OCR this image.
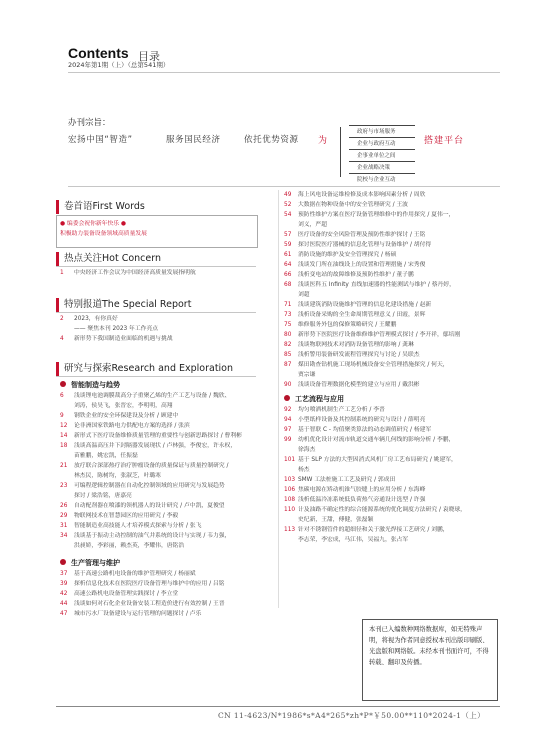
Contents 目录
2024年第1期（上）（总第541期）
办刊宗旨：
宏扬中国“智造”	服务国民经济	依托优势资源 为
政府与市场服务
企业与政府互动
企事业单位之间
企业战略决策
院校与企业互动
搭建平台
卷首语First Words
● 编委会祝你新年快乐 ●
积极助力装备设备领域高质量发展
热点关注Hot Concern
1 中央经济工作会议为中国经济高质量发展指明航
特别报道The Special Report
2 2023，有你真好
—— 聚焦本刊 2023 年工作亮点
4 新形势下我国制造业面临的机遇与挑战
研究与探索Research and Exploration
智能制造与趋势
6 浅谈锂电池调膜裁高分子重聚乙烯的生产工艺与设备 / 魏欣、
刘涛，侯昊飞，张晋宏，李明明，高翔
9 钢铁企业的安全环保建设及分析 / 顾建中
12 论非洲国家铁路电力供配电方案的选择 / 张滨
14 新形式下医疗设备维修质量管理的重要性与创新思路探讨 / 曹利彬
18 浅谈高温高压井下封隔器发展现状 / 卢林强，李俊宏，许永权，
苗雅鹏，姚宏凯，任振磊
21 放疗联合深部热疗治疗肿瘤设备的质量保证与质量控制研究 /
林杰民，陈树均，张淑芝，叶璐寒
23 可编程逻辑控制器在自动化控制领域的应用研究与发展趋势
探讨 / 梁浩铭，唐嘉亮
26 自动配剂器在喷漆的领机器人的设计研究 / 卢中凯，夏俊望
29 物联网技术在智慧园区的应用研究 / 李毅
31 智能制造业高技能人才培养模式探索与分析 / 张飞
34 浅谈基于振动主动控制的油气井系统的设计与实现 / 韦力强，
洪昶娇，李彩丽，赖杰英，李耀伟，唐铭浩
生产管理与维护
37 基于高速公路机电设备的维护管理研究 / 杨丽斌
39 探析信息化技术在医院医疗设备管理与维护中的应用 / 吕铭
42 高速公路机电设备管理实践探讨 / 李立堂
44 浅谈如何对石化企业设备安装工程造价进行有效控制 / 王晋
47 城市污水厂设备建设与运行管理的问题探讨 / 卢乐
49 海上风电设备运维检修及成本影响因素分析 / 周欣
52 大数据在物种设备中的安全管理研究 / 王波
54 预防性维护方案在医疗设备管理维修中的作用探究 / 夏伟一，
刘义，严超
57 医疗设备的安全风险管理及预防性维护探讨 / 王铭
59 探讨医院医疗器械的信息化管理与设备维护 / 胡付得
61 消防设施的维护及安全管理探究 / 杨硕
64 浅谈发门所在油线设上的设置和管理措施 / 宋秀俊
66 浅析变电站的故障维修及预防性维护 / 董子鹏
68 浅谈医科五 Infinity 直线加速器的性能测试与维护 / 蔡丹婷，
刘超
71 浅谈建筑消防设施维护管理的信息化建设措施 / 赵新
73 浅析设备采购的全生命周期管理意义 / 田霞，景辉
75 维修服务外包的保修策略研究 / 王耀鹏
80 新形势下医院医疗设备维修维护管理模式探讨 / 李开祥，鄢培刚
82 浅谈物联网技术对消防设备管理的影响 / 龚琳
85 浅析警用装备研发流程管理探究与讨论 / 吴联杰
87 煤田勘查钻机施工现场机械设备安全管理措施探究 / 何天，
贾宗谦
90 浅谈设备管理数据化模型的建立与应用 / 戴洪彬
工艺流程与应用
92 均匀喷洒机制生产工艺分析 / 李晋
94 小型纸样设备及其控制系统的研究与设计 / 薛明亮
97 基于智联 C - 均值聚类算法的动态调值研究 / 杨建军
99 幼机优化设计对流市轨道交通车辆几何线的影响分析 / 李鹏，
徐海杰
101 基于 SLP 方法的大型因消式风机厂房工艺布局研究 / 姚建军，
杨杰
103 SMW 工法桩施工工艺及研究 / 郭成田
106 焦碳电源在矫动机锥气胶缝上的应用分析 / 东海峰
108 浅析低温冷冻系统低负荷热气旁通设计选型 / 许强
110 计及油路不确定性的综合能源系统的优化调度方法研究 / 袁晓球，
史纪新，王甜，傅健，张磊颖
113 针对不锈钢管件的超细径和关于激光焊接工艺研究 / 刘鹏，
李志荣，李宏成，马江伟，吴福九，张占军
本刊已入编数种网络数据库，如无特殊声明，将视为作者同意授权本刊出版印刷版、光盘版和网络版。未经本刊书面许可，不得转载、翻印及传播。
CN 11-4623/N*1986*s*A4*265*zh*P*￥50.00**110*2024-1（上）
